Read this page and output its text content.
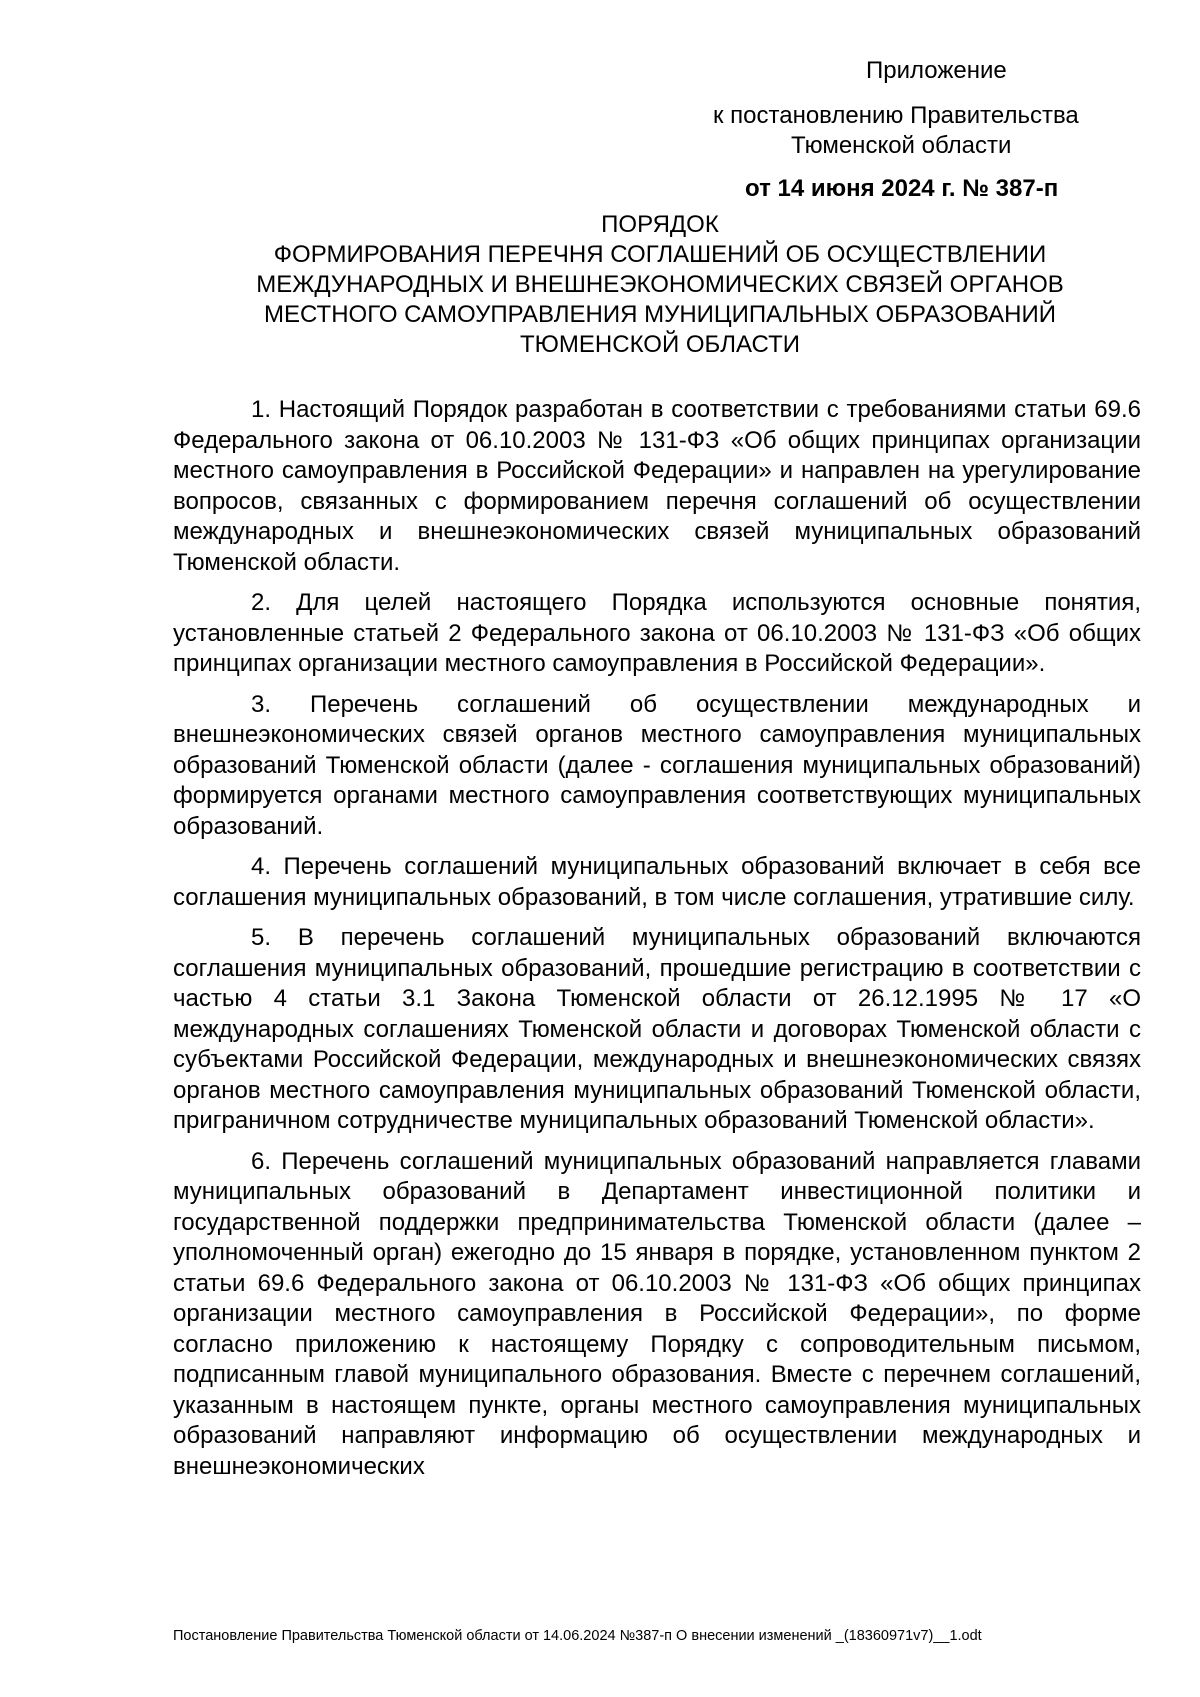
Приложение
к постановлению Правительства
Тюменской области
от 14 июня 2024 г. № 387-п
ПОРЯДОК
ФОРМИРОВАНИЯ ПЕРЕЧНЯ СОГЛАШЕНИЙ ОБ ОСУЩЕСТВЛЕНИИ
МЕЖДУНАРОДНЫХ И ВНЕШНЕЭКОНОМИЧЕСКИХ СВЯЗЕЙ ОРГАНОВ
МЕСТНОГО САМОУПРАВЛЕНИЯ МУНИЦИПАЛЬНЫХ ОБРАЗОВАНИЙ
ТЮМЕНСКОЙ ОБЛАСТИ

1. Настоящий Порядок разработан в соответствии с требованиями статьи 69.6 Федерального закона от 06.10.2003 № 131-ФЗ «Об общих принципах организации местного самоуправления в Российской Федерации» и направлен на урегулирование вопросов, связанных с формированием перечня соглашений об осуществлении международных и внешнеэкономических связей муниципальных образований Тюменской области.

2. Для целей настоящего Порядка используются основные понятия, установленные статьей 2 Федерального закона от 06.10.2003 № 131-ФЗ «Об общих принципах организации местного самоуправления в Российской Федерации».

3. Перечень соглашений об осуществлении международных и внешнеэкономических связей органов местного самоуправления муниципальных образований Тюменской области (далее - соглашения муниципальных образований) формируется органами местного самоуправления соответствующих муниципальных образований.

4. Перечень соглашений муниципальных образований включает в себя все соглашения муниципальных образований, в том числе соглашения, утратившие силу.

5. В перечень соглашений муниципальных образований включаются соглашения муниципальных образований, прошедшие регистрацию в соответствии с частью 4 статьи 3.1 Закона Тюменской области от 26.12.1995 № 17 «О международных соглашениях Тюменской области и договорах Тюменской области с субъектами Российской Федерации, международных и внешнеэкономических связях органов местного самоуправления муниципальных образований Тюменской области, приграничном сотрудничестве муниципальных образований Тюменской области».

6. Перечень соглашений муниципальных образований направляется главами муниципальных образований в Департамент инвестиционной политики и государственной поддержки предпринимательства Тюменской области (далее – уполномоченный орган) ежегодно до 15 января в порядке, установленном пунктом 2 статьи 69.6 Федерального закона от 06.10.2003 № 131-ФЗ «Об общих принципах организации местного самоуправления в Российской Федерации», по форме согласно приложению к настоящему Порядку с сопроводительным письмом, подписанным главой муниципального образования. Вместе с перечнем соглашений, указанным в настоящем пункте, органы местного самоуправления муниципальных образований направляют информацию об осуществлении международных и внешнеэкономических

Постановление Правительства Тюменской области от 14.06.2024 №387-п О внесении изменений _(18360971v7)__1.odt
